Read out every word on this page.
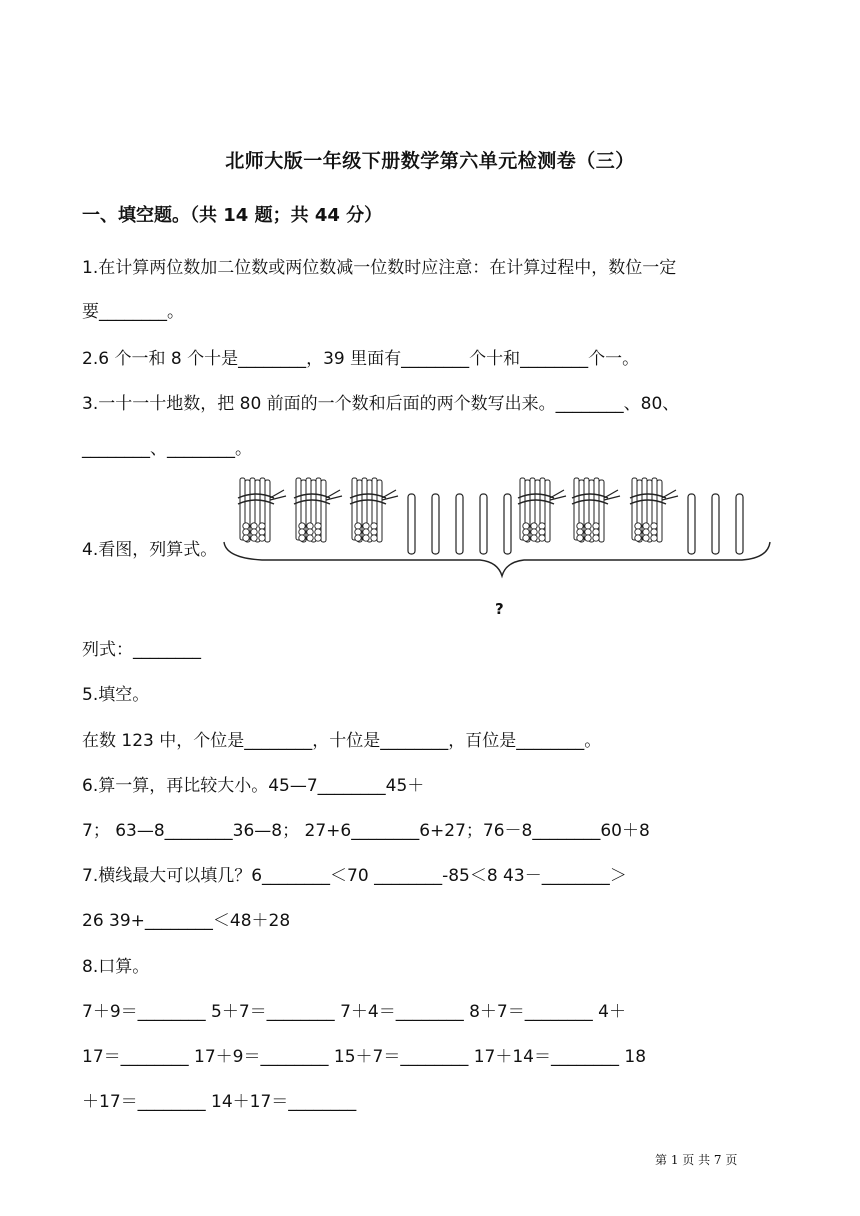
北师大版一年级下册数学第六单元检测卷（三）
一、填空题。（共 14 题；共 44 分）
1.在计算两位数加二位数或两位数减一位数时应注意：在计算过程中，数位一定
要________。
2.6 个一和 8 个十是________，39 里面有________个十和________个一。
3.一十一十地数，把 80 前面的一个数和后面的两个数写出来。________、80、
________、________。
4.看图，列算式。
?
列式：________
5.填空。
在数 123 中，个位是________，十位是________，百位是________。
6.算一算，再比较大小。45—7________45＋
7； 63—8________36—8； 27+6________6+27；76－8________60＋8
7.横线最大可以填几？6________＜70 ________-85＜8 43－________＞
26 39+________＜48＋28
8.口算。
7＋9＝________ 5＋7＝________ 7＋4＝________ 8＋7＝________ 4＋
17＝________ 17＋9＝________ 15＋7＝________ 17＋14＝________ 18
＋17＝________ 14＋17＝________
第 1 页 共 7 页
